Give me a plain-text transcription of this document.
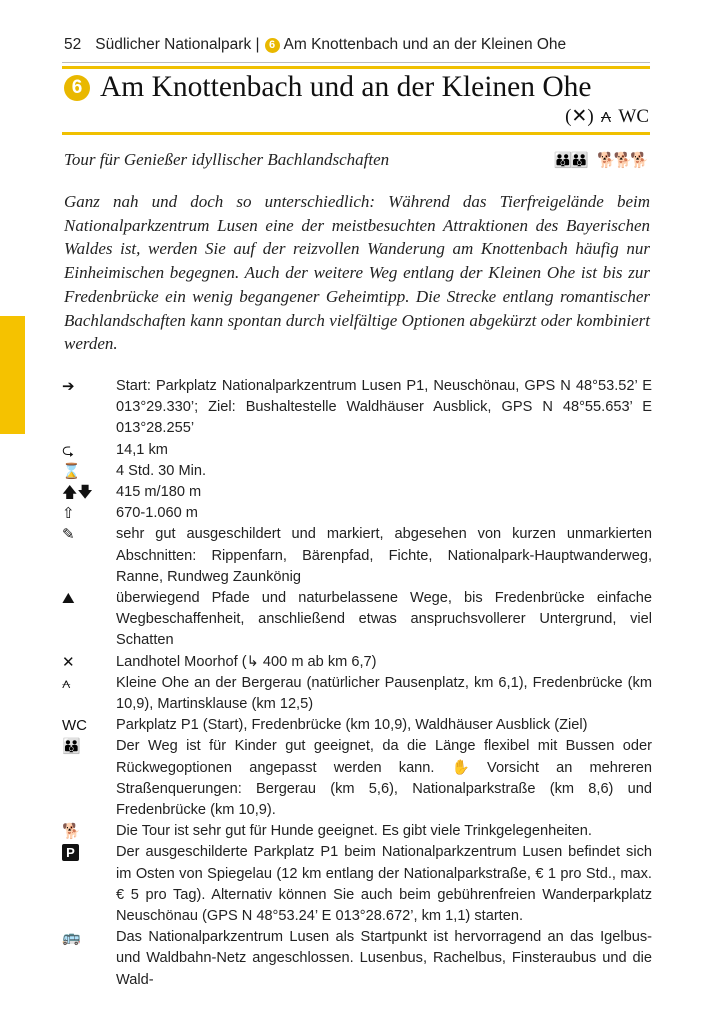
52 Südlicher Nationalpark | 6 Am Knottenbach und an der Kleinen Ohe
6 Am Knottenbach und an der Kleinen Ohe
(✕) ⩜ WC
Tour für Genießer idyllischer Bachlandschaften	👪👪 🐕🐕🐕

Ganz nah und doch so unterschiedlich: Während das Tierfreigelände beim Nationalparkzentrum Lusen eine der meistbesuchten Attraktionen des Bayerischen Waldes ist, werden Sie auf der reizvollen Wanderung am Knottenbach häufig nur Einheimischen begegnen. Auch der weitere Weg entlang der Kleinen Ohe ist bis zur Fredenbrücke ein wenig begangener Geheimtipp. Die Strecke entlang romantischer Bachlandschaften kann spontan durch vielfältige Optionen abgekürzt oder kombiniert werden.

➔	Start: Parkplatz Nationalparkzentrum Lusen P1, Neuschönau, GPS N 48°53.52’ E 013°29.330’; Ziel: Bushaltestelle Waldhäuser Ausblick, GPS N 48°55.653’ E 013°28.255’
⮎	14,1 km
⌛	4 Std. 30 Min.
🡅🡇	415 m/180 m
⇧	670-1.060 m
✎	sehr gut ausgeschildert und markiert, abgesehen von kurzen unmarkierten Abschnitten: Rippenfarn, Bärenpfad, Fichte, Nationalpark-Hauptwanderweg, Ranne, Rundweg Zaunkönig
⛰	überwiegend Pfade und naturbelassene Wege, bis Fredenbrücke einfache Wegbeschaffenheit, anschließend etwas anspruchsvollerer Untergrund, viel Schatten
✕	Landhotel Moorhof (↳ 400 m ab km 6,7)
⩜	Kleine Ohe an der Bergerau (natürlicher Pausenplatz, km 6,1), Fredenbrücke (km 10,9), Martinsklause (km 12,5)
WC	Parkplatz P1 (Start), Fredenbrücke (km 10,9), Waldhäuser Ausblick (Ziel)
👪	Der Weg ist für Kinder gut geeignet, da die Länge flexibel mit Bussen oder Rückwegoptionen angepasst werden kann. ✋ Vorsicht an mehreren Straßenquerungen: Bergerau (km 5,6), Nationalparkstraße (km 8,6) und Fredenbrücke (km 10,9).
🐕	Die Tour ist sehr gut für Hunde geeignet. Es gibt viele Trinkgelegenheiten.
P	Der ausgeschilderte Parkplatz P1 beim Nationalparkzentrum Lusen befindet sich im Osten von Spiegelau (12 km entlang der Nationalparkstraße, € 1 pro Std., max. € 5 pro Tag). Alternativ können Sie auch beim gebührenfreien Wanderparkplatz Neuschönau (GPS N 48°53.24’ E 013°28.672’, km 1,1) starten.
🚌	Das Nationalparkzentrum Lusen als Startpunkt ist hervorragend an das Igelbus- und Waldbahn-Netz angeschlossen. Lusenbus, Rachelbus, Finsteraubus und die Wald-
